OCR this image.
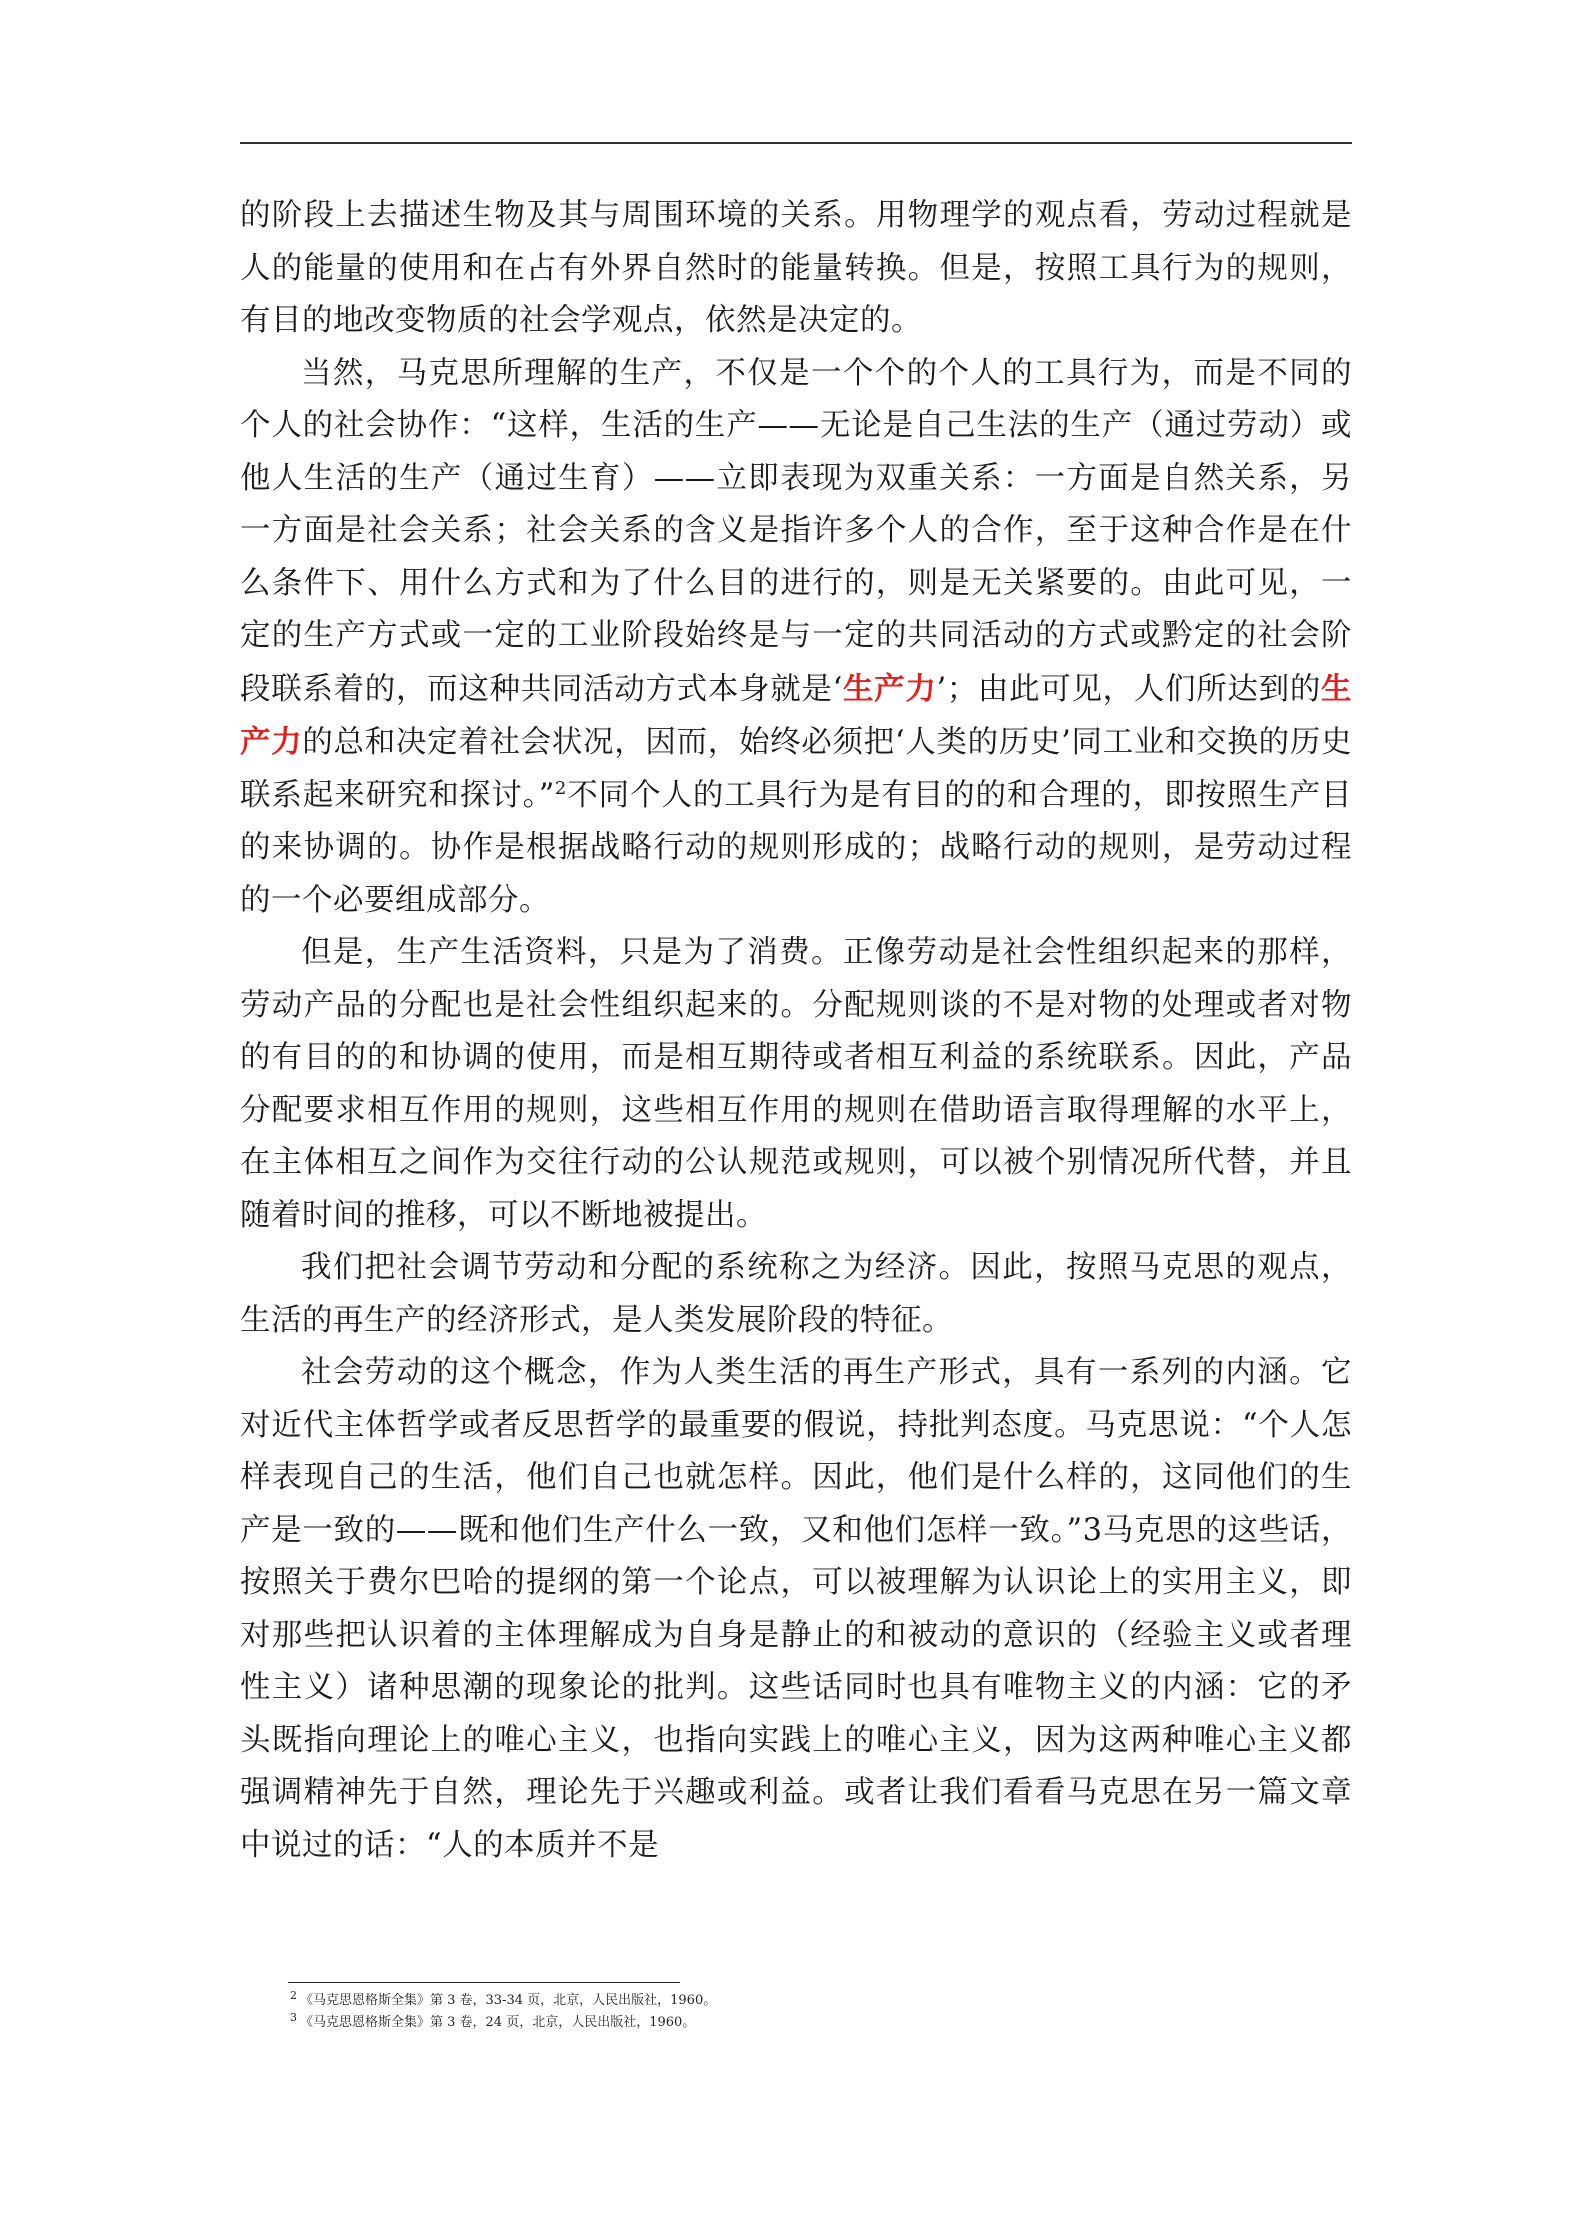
的阶段上去描述生物及其与周围环境的关系。用物理学的观点看，劳动过程就是人的能量的使用和在占有外界自然时的能量转换。但是，按照工具行为的规则，有目的地改变物质的社会学观点，依然是决定的。

当然，马克思所理解的生产，不仅是一个个的个人的工具行为，而是不同的个人的社会协作：“这样，生活的生产——无论是自己生法的生产（通过劳动）或他人生活的生产（通过生育）——立即表现为双重关系：一方面是自然关系，另一方面是社会关系；社会关系的含义是指许多个人的合作，至于这种合作是在什么条件下、用什么方式和为了什么目的进行的，则是无关紧要的。由此可见，一定的生产方式或一定的工业阶段始终是与一定的共同活动的方式或黔定的社会阶段联系着的，而这种共同活动方式本身就是‘生产力’；由此可见，人们所达到的生产力的总和决定着社会状况，因而，始终必须把‘人类的历史’同工业和交换的历史联系起来研究和探讨。”$^2$不同个人的工具行为是有目的的和合理的，即按照生产目的来协调的。协作是根据战略行动的规则形成的；战略行动的规则，是劳动过程的一个必要组成部分。

但是，生产生活资料，只是为了消费。正像劳动是社会性组织起来的那样，劳动产品的分配也是社会性组织起来的。分配规则谈的不是对物的处理或者对物的有目的的和协调的使用，而是相互期待或者相互利益的系统联系。因此，产品分配要求相互作用的规则，这些相互作用的规则在借助语言取得理解的水平上，在主体相互之间作为交往行动的公认规范或规则，可以被个别情况所代替，并且随着时间的推移，可以不断地被提出。

我们把社会调节劳动和分配的系统称之为经济。因此，按照马克思的观点，生活的再生产的经济形式，是人类发展阶段的特征。

社会劳动的这个概念，作为人类生活的再生产形式，具有一系列的内涵。它对近代主体哲学或者反思哲学的最重要的假说，持批判态度。马克思说：“个人怎样表现自己的生活，他们自己也就怎样。因此，他们是什么样的，这同他们的生产是一致的——既和他们生产什么一致，又和他们怎样一致。”3马克思的这些话，按照关于费尔巴哈的提纲的第一个论点，可以被理解为认识论上的实用主义，即对那些把认识着的主体理解成为自身是静止的和被动的意识的（经验主义或者理性主义）诸种思潮的现象论的批判。这些话同时也具有唯物主义的内涵：它的矛头既指向理论上的唯心主义，也指向实践上的唯心主义，因为这两种唯心主义都强调精神先于自然，理论先于兴趣或利益。或者让我们看看马克思在另一篇文章中说过的话：“人的本质并不是

$^2$ 《马克思恩格斯全集》第 3 卷，33-34 页，北京，人民出版社，1960。

$^3$ 《马克思恩格斯全集》第 3 卷，24 页，北京，人民出版社，1960。
